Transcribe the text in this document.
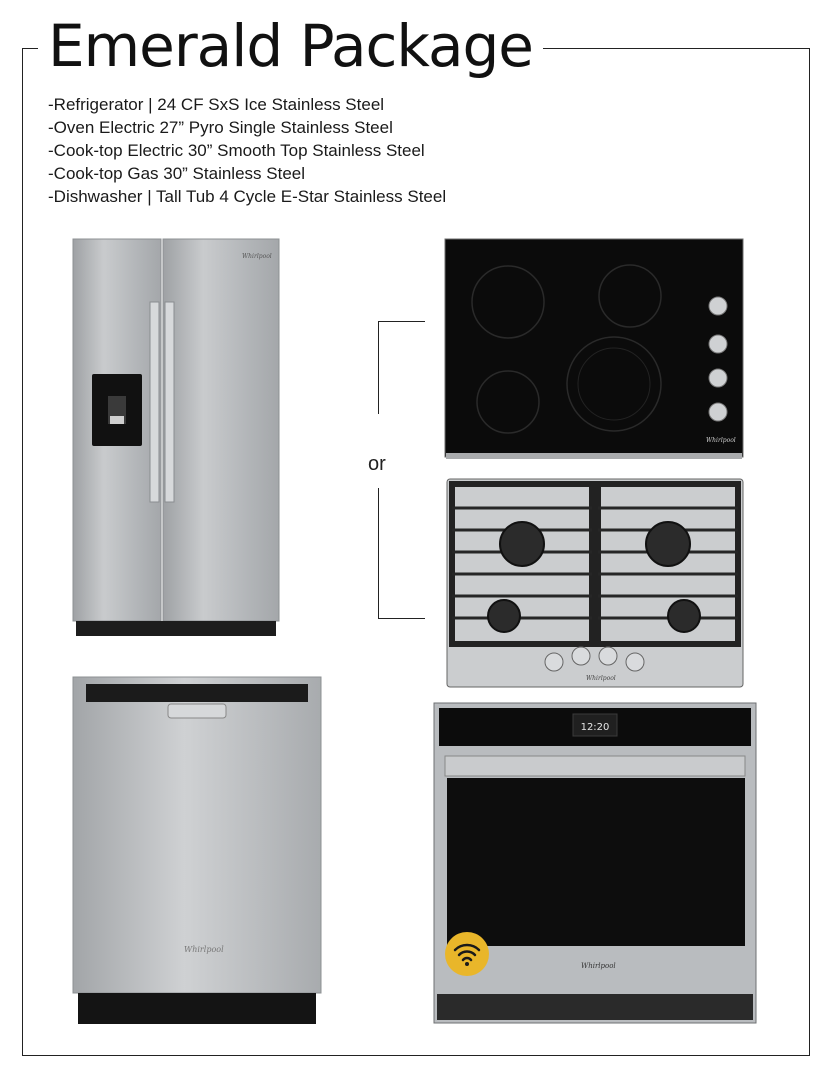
Emerald Package
-Refrigerator | 24 CF SxS Ice Stainless Steel
-Oven Electric 27” Pyro Single Stainless Steel
-Cook-top Electric 30” Smooth Top Stainless Steel
-Cook-top Gas 30” Stainless Steel
-Dishwasher | Tall Tub 4 Cycle E-Star Stainless Steel
Whirlpool
Whirlpool
or
Whirlpool
Whirlpool
12:20
Whirlpool
